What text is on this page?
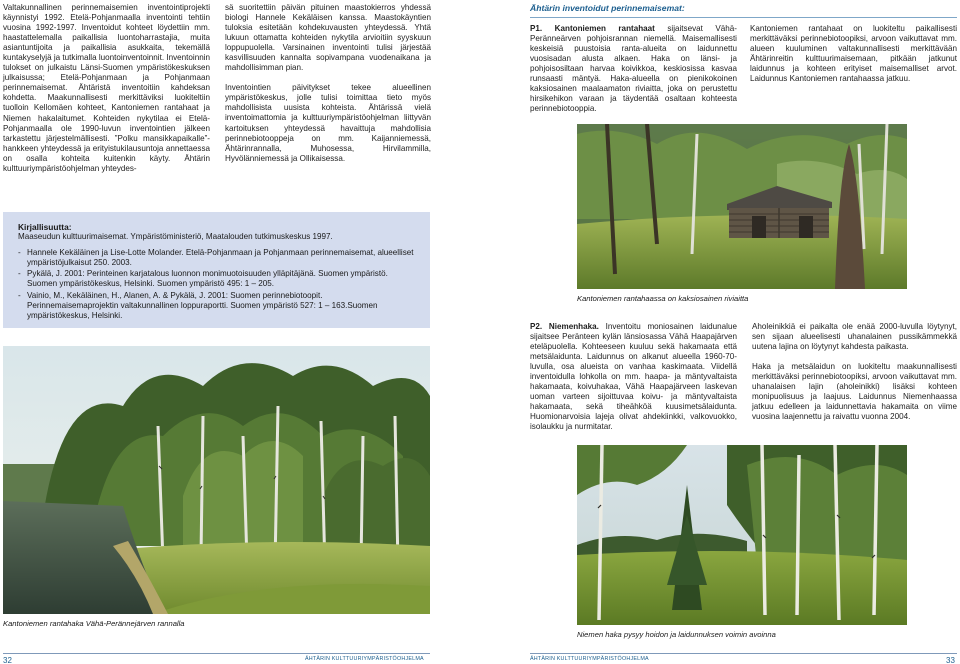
Valtakunnallinen perinnemaisemien inventointiprojekti käynnistyi 1992. Etelä-Pohjanmaalla inventointi tehtiin vuosina 1992-1997. Inventoidut kohteet löydettiin mm. haastattelemalla paikallisia luontoharrastajia, muita asiantuntijoita ja paikallisia asukkaita, tekemällä kuntakyselyjä ja tutkimalla luontoinventoinnit. Inventoinnin tulokset on julkaistu Länsi-Suomen ympäristökeskuksen julkaisussa; Etelä-Pohjanmaan ja Pohjanmaan perinnemaisemat. Ähtäristä inventoitiin kahdeksan kohdetta. Maakunnallisesti merkittäviksi luokiteltiin tuolloin Kellomäen kohteet, Kantoniemen rantahaat ja Niemen hakalaitumet. Kohteiden nykytilaa ei Etelä-Pohjanmaalla ole 1990-luvun inventointien jälkeen tarkastettu järjestelmällisesti. ”Polku mansikkapaikalle”-hankkeen yhteydessä ja erityistukilausuntoja annettaessa on osalla kohteita kuitenkin käyty. Ähtärin kulttuuriympäristöohjelman yhteydes-

sä suoritettiin päivän pituinen maastokierros yhdessä biologi Hannele Kekäläisen kanssa. Maastokäyntien tuloksia esitetään kohdekuvausten yhteydessä. Yhtä lukuun ottamatta kohteiden nykytila arvioitiin syyskuun loppupuolella. Varsinainen inventointi tulisi järjestää kasvillisuuden kannalta sopivampana vuodenaikana ja mahdollisimman pian.

Inventointien päivitykset tekee alueellinen ympäristökeskus, jolle tulisi toimittaa tieto myös mahdollisista uusista kohteista. Ähtärissä vielä inventoimattomia ja kulttuuriympäristöohjelman liittyvän kartoituksen yhteydessä havaittuja mahdollisia perinnebiotooppeja on mm. Kaijanniemessä, Ähtärinrannalla, Muhosessa, Hirvilammilla, Hyvölänniemessä ja Ollikaisessa.

Kirjallisuutta:
Maaseudun kulttuurimaisemat. Ympäristöministeriö, Maatalouden tutkimuskeskus 1997.
- Hannele Kekäläinen ja Lise-Lotte Molander. Etelä-Pohjanmaan ja Pohjanmaan perinnemaisemat, alueelliset ympäristöjulkaisut 250. 2003.
- Pykälä, J. 2001: Perinteinen karjatalous luonnon monimuotoisuuden ylläpitäjänä. Suomen ympäristö. Suomen ympäristökeskus, Helsinki. Suomen ympäristö 495: 1 – 205.
- Vainio, M., Kekäläinen, H., Alanen, A. & Pykälä, J. 2001: Suomen perinnebiotoopit. Perinnemaisemaprojektin valtakunnallinen loppuraportti. Suomen ympäristö 527: 1 – 163.Suomen ympäristökeskus, Helsinki.
Kantoniemen rantahaka Vähä-Perännejärven rannalla
32	ÄHTÄRIN KULTTUURIYMPÄRISTÖOHJELMA
Ähtärin inventoidut perinnemaisemat:

P1. Kantoniemen rantahaat sijaitsevat Vähä-Peränneärven pohjoisrannan niemellä. Maisemallisesti keskeisiä puustoisia ranta-alueita on laidunnettu vuosisadan alusta alkaen. Haka on länsi- ja pohjoisosiltaan harvaa koivikkoa, keskiosissa kasvaa runsaasti mäntyä. Haka-alueella on pienikokoinen kaksiosainen maalaamaton riviaitta, joka on perustettu hirsikehikon varaan ja täydentää osaltaan kohteesta perinnebiotooppia.

Kantoniemen rantahaat on luokiteltu paikallisesti merkittäväksi perinnebiotoopiksi, arvoon vaikuttavat mm. alueen kuuluminen valtakunnallisesti merkittävään Ähtärinreitin kulttuurimaisemaan, pitkään jatkunut laidunnus ja kohteen erityiset maisemalliset arvot. Laidunnus Kantoniemen rantahaassa jatkuu.

Kantoniemen rantahaassa on kaksiosainen riviaitta

P2. Niemenhaka. Inventoitu moniosainen laidunalue sijaitsee Peränteen kylän länsiosassa Vähä Haapajärven eteläpuolella. Kohteeseen kuuluu sekä hakamaata että metsälaiduntа. Laidunnus on alkanut alueella 1960-70-luvulla, osa alueista on vanhaa kaskimaata. Viidellä inventoidulla lohkolla on mm. haapa- ja mäntyvaltaista hakamaata, koivuhakaa, Vähä Haapajärveen laskevan uoman varteen sijoittuvaa koivu- ja mäntyvaltaista hakamaata, sekä tiheähköä kuusimetsälaidunta. Huomionarvoisia lajeja olivat ahdekiinkki, valkovuokko, isolaukku ja nurmitatar.

Aholeinikkiä ei paikalta ole enää 2000-luvulla löytynyt, sen sijaan alueelisesti uhanalainen pussikämmekkä uutena lajina on löytynyt kahdesta paikasta.

Haka ja metsälaidun on luokiteltu maakunnallisesti merkittäväksi perinnebiotoopiksi, arvoon vaikuttavat mm. uhanalaisen lajin (aholeinikki) lisäksi kohteen monipuolisuus ja laajuus. Laidunnus Niemenhaassa jatkuu edelleen ja laidunnettavia hakamaita on viime vuosina laajennettu ja raivattu vuonna 2004.

Niemen haka pysyy hoidon ja laidunnuksen voimin avoinna
ÄHTÄRIN KULTTUURIYMPÄRISTÖOHJELMA	33
